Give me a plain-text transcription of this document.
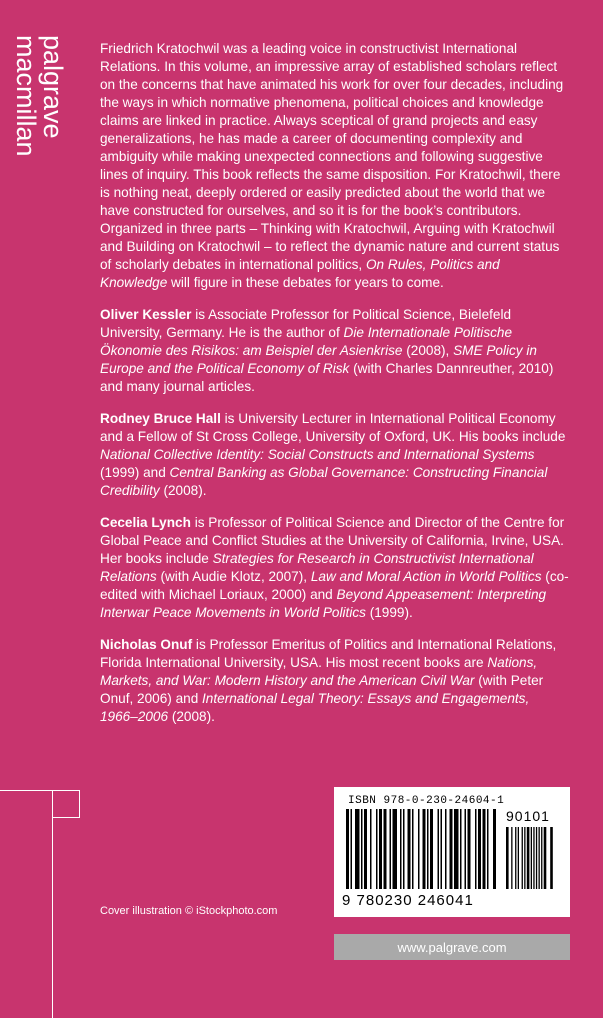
palgrave
macmillan	Friedrich Kratochwil was a leading voice in constructivist International Relations. In this volume, an impressive array of established scholars reflect on the concerns that have animated his work for over four decades, including the ways in which normative phenomena, political choices and knowledge claims are linked in practice. Always sceptical of grand projects and easy generalizations, he has made a career of documenting complexity and ambiguity while making unexpected connections and following suggestive lines of inquiry. This book reflects the same disposition. For Kratochwil, there is nothing neat, deeply ordered or easily predicted about the world that we have constructed for ourselves, and so it is for the book’s contributors. Organized in three parts – Thinking with Kratochwil, Arguing with Kratochwil and Building on Kratochwil – to reflect the dynamic nature and current status of scholarly debates in international politics, On Rules, Politics and Knowledge will figure in these debates for years to come.

Oliver Kessler is Associate Professor for Political Science, Bielefeld University, Germany. He is the author of Die Internationale Politische Ökonomie des Risikos: am Beispiel der Asienkrise (2008), SME Policy in Europe and the Political Economy of Risk (with Charles Dannreuther, 2010) and many journal articles.

Rodney Bruce Hall is University Lecturer in International Political Economy and a Fellow of St Cross College, University of Oxford, UK. His books include National Collective Identity: Social Constructs and International Systems (1999) and Central Banking as Global Governance: Constructing Financial Credibility (2008).

Cecelia Lynch is Professor of Political Science and Director of the Centre for Global Peace and Conflict Studies at the University of California, Irvine, USA. Her books include Strategies for Research in Constructivist International Relations (with Audie Klotz, 2007), Law and Moral Action in World Politics (co-edited with Michael Loriaux, 2000) and Beyond Appeasement: Interpreting Interwar Peace Movements in World Politics (1999).

Nicholas Onuf is Professor Emeritus of Politics and International Relations, Florida International University, USA. His most recent books are Nations, Markets, and War: Modern History and the American Civil War (with Peter Onuf, 2006) and International Legal Theory: Essays and Engagements, 1966–2006 (2008).

ISBN 978-0-230-24604-1
9 780230 246041
90101
Cover illustration © iStockphoto.com
www.palgrave.com
